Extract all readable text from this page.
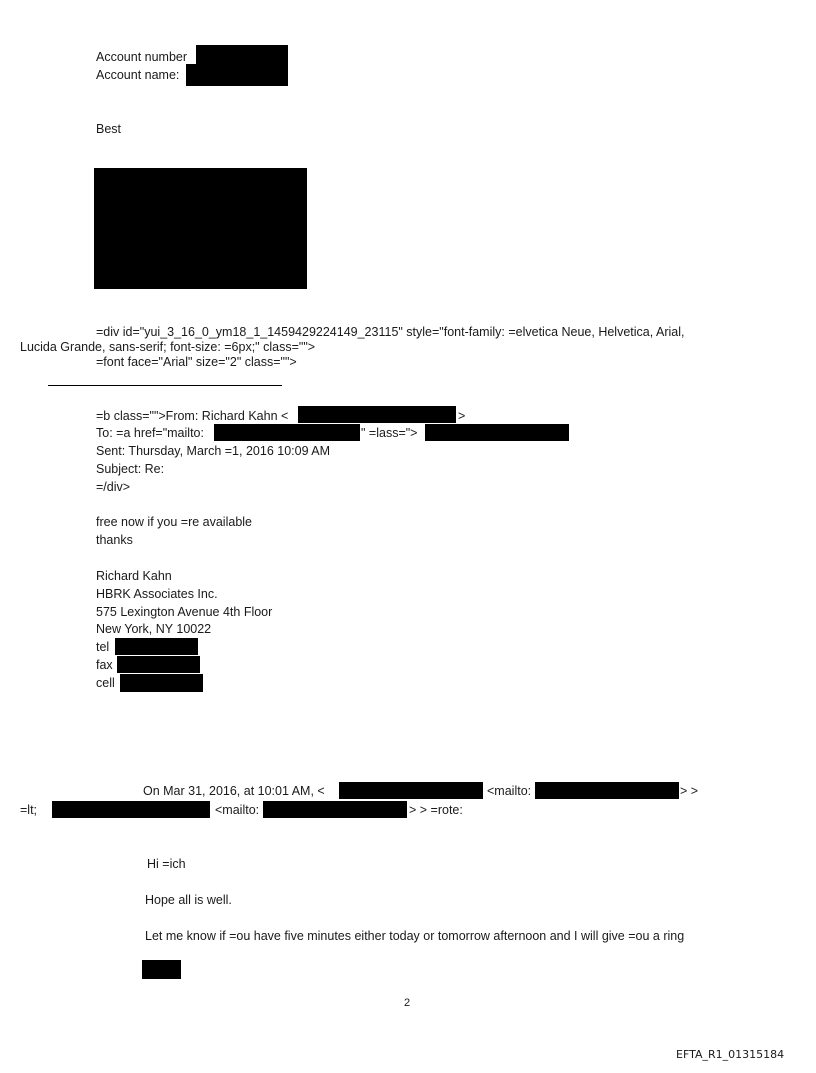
Account number
Account name:
Best
=div id="yui_3_16_0_ym18_1_1459429224149_23115" style="font-family: =elvetica Neue, Helvetica, Arial,
Lucida Grande, sans-serif; font-size: =6px;" class="">
=font face="Arial" size="2" class="">
=b class="">From: Richard Kahn <	>
To: =a href="mailto:	" =lass=">
Sent: Thursday, March =1, 2016 10:09 AM
Subject: Re:
=/div>
free now if you =re available
thanks
Richard Kahn
HBRK Associates Inc.
575 Lexington Avenue 4th Floor
New York, NY 10022
tel
fax
cell
On Mar 31, 2016, at 10:01 AM, <	<mailto:	> >
=lt;	<mailto:	> > =rote:
Hi =ich
Hope all is well.
Let me know if =ou have five minutes either today or tomorrow afternoon and I will give =ou a ring
2
EFTA_R1_01315184
